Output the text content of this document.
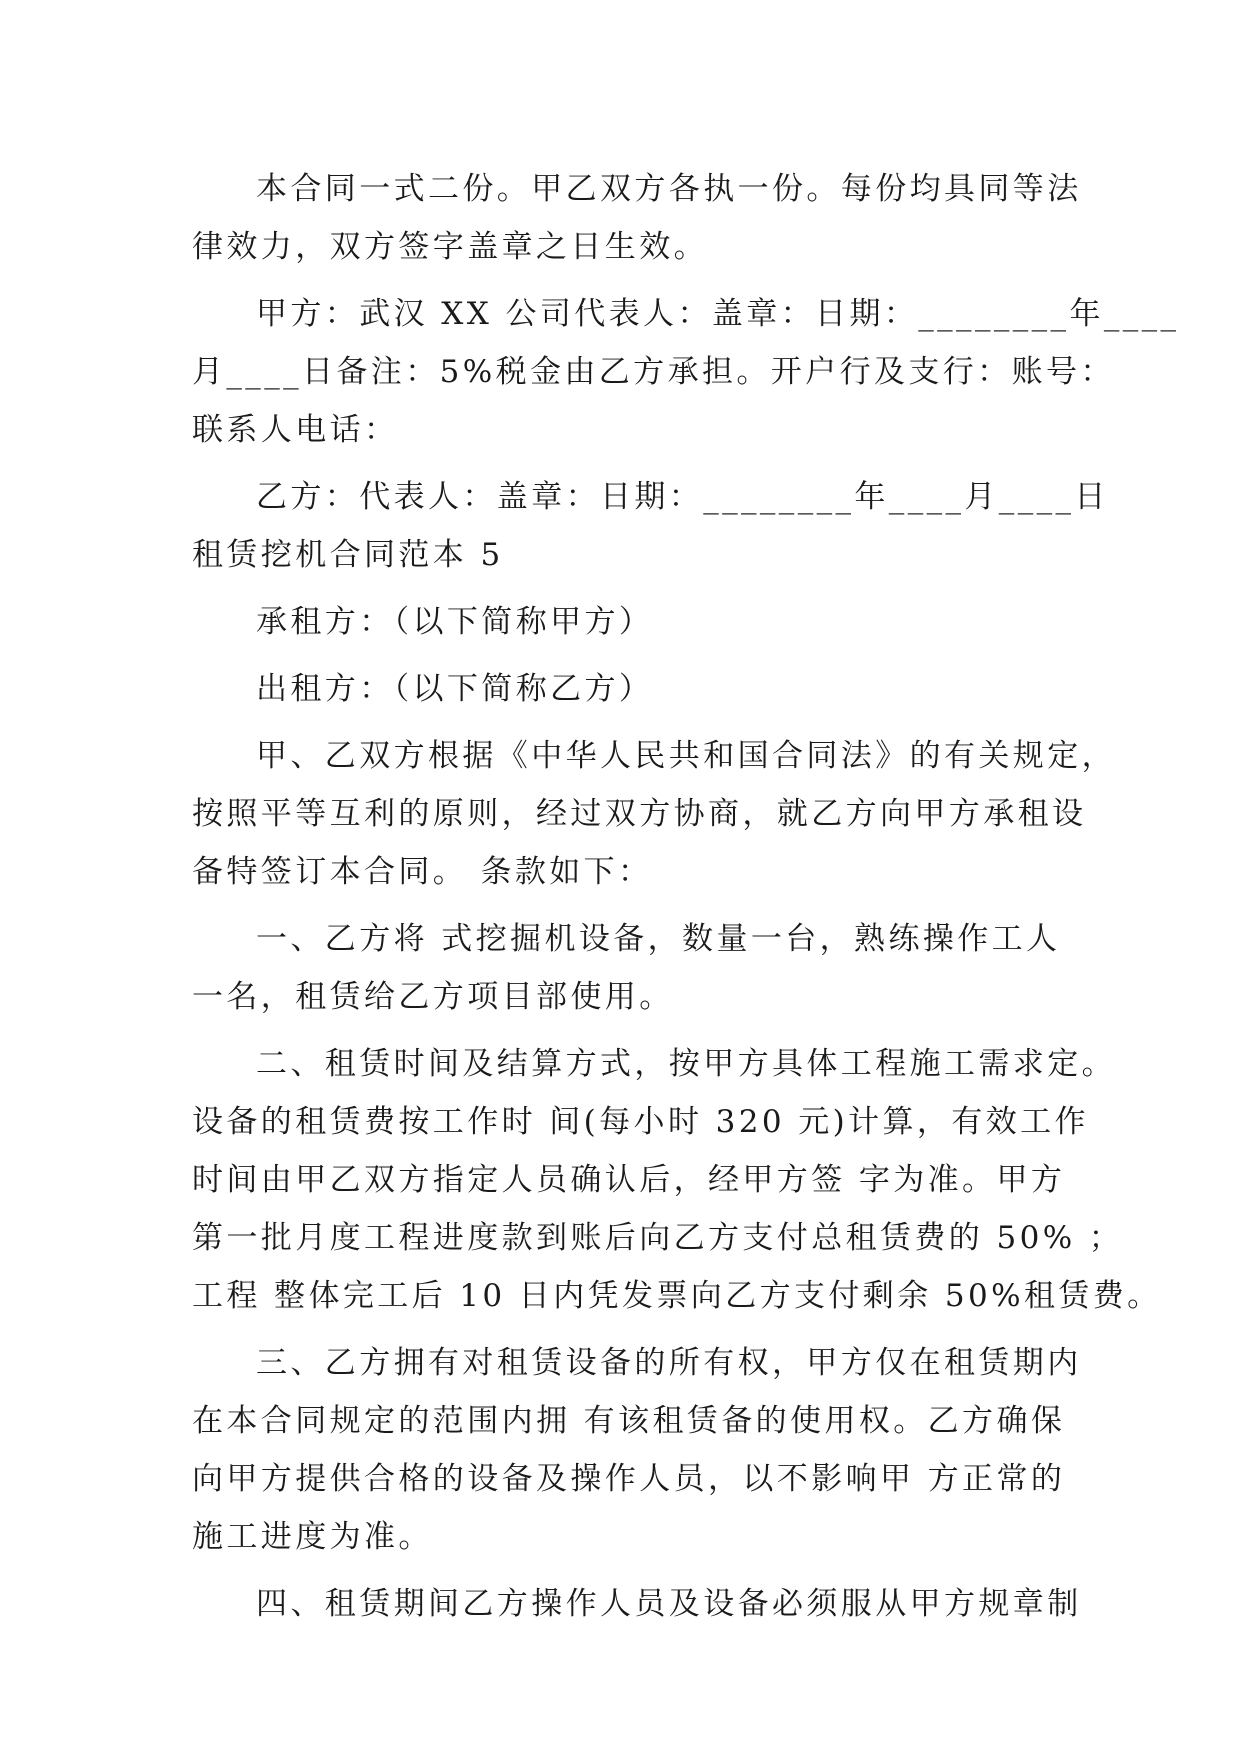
本合同一式二份。甲乙双方各执一份。每份均具同等法
律效力，双方签字盖章之日生效。
甲方：武汉 XX 公司代表人：盖章：日期：________年____
月____日备注：5%税金由乙方承担。开户行及支行：账号：
联系人电话：
乙方：代表人：盖章：日期：________年____月____日
租赁挖机合同范本 5
承租方：（以下简称甲方）
出租方：（以下简称乙方）
甲、乙双方根据《中华人民共和国合同法》的有关规定，
按照平等互利的原则，经过双方协商，就乙方向甲方承租设
备特签订本合同。 条款如下：
一、乙方将 式挖掘机设备，数量一台，熟练操作工人
一名，租赁给乙方项目部使用。
二、租赁时间及结算方式，按甲方具体工程施工需求定。
设备的租赁费按工作时 间(每小时 320 元)计算，有效工作
时间由甲乙双方指定人员确认后，经甲方签 字为准。甲方
第一批月度工程进度款到账后向乙方支付总租赁费的 50% ；
工程 整体完工后 10 日内凭发票向乙方支付剩余 50%租赁费。
三、乙方拥有对租赁设备的所有权，甲方仅在租赁期内
在本合同规定的范围内拥 有该租赁备的使用权。乙方确保
向甲方提供合格的设备及操作人员，以不影响甲 方正常的
施工进度为准。
四、租赁期间乙方操作人员及设备必须服从甲方规章制
